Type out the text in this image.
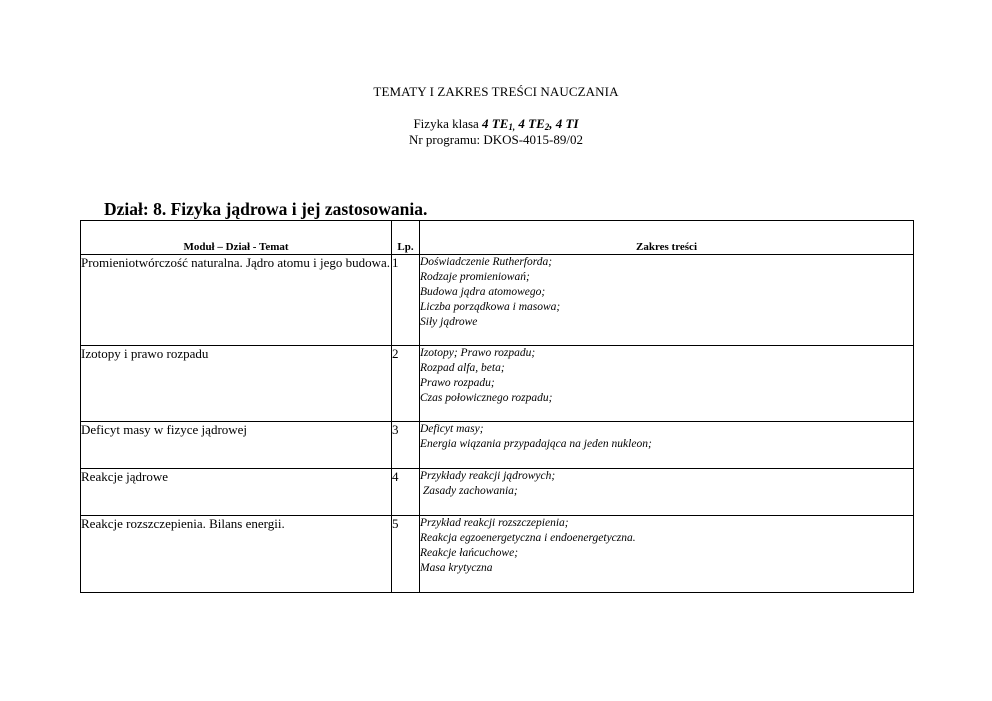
TEMATY I ZAKRES TREŚCI NAUCZANIA
Fizyka klasa 4 $TE_{1,}$ 4 $TE_2$, 4 TI
Nr programu: DKOS-4015-89/02
Dział: 8. Fizyka jądrowa i jej zastosowania.
Moduł – Dział - Temat	Lp.	Zakres treści
Promieniotwórczość naturalna. Jądro atomu i jego budowa.	1	Doświadczenie Rutherforda;
Rodzaje promieniowań;
Budowa jądra atomowego;
Liczba porządkowa i masowa;
Siły jądrowe
Izotopy i prawo rozpadu	2	Izotopy; Prawo rozpadu;
Rozpad alfa, beta;
Prawo rozpadu;
Czas połowicznego rozpadu;
Deficyt masy w fizyce jądrowej	3	Deficyt masy;
Energia wiązania przypadająca na jeden nukleon;
Reakcje jądrowe	4	Przykłady reakcji jądrowych;
Zasady zachowania;
Reakcje rozszczepienia. Bilans energii.	5	Przykład reakcji rozszczepienia;
Reakcja egzoenergetyczna i endoenergetyczna.
Reakcje łańcuchowe;
Masa krytyczna
